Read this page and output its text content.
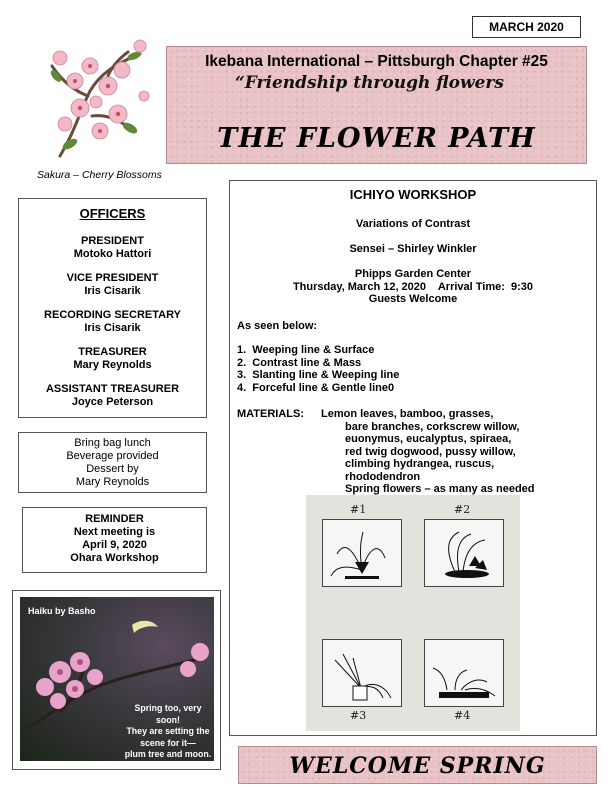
MARCH 2020
Sakura – Cherry Blossoms
Ikebana International – Pittsburgh Chapter #25
“Friendship through flowers
THE FLOWER PATH
OFFICERS
PRESIDENT
Motoko Hattori
VICE PRESIDENT
Iris Cisarik
RECORDING SECRETARY
Iris Cisarik
TREASURER
Mary Reynolds
ASSISTANT TREASURER
Joyce Peterson
Bring bag lunch
Beverage provided
Dessert by
Mary Reynolds
REMINDER
Next meeting is
April 9, 2020
Ohara Workshop
Haiku by Basho
Spring too, very
soon!
They are setting the
scene for it—
plum tree and moon.
ICHIYO WORKSHOP
Variations of Contrast
Sensei – Shirley Winkler
Phipps Garden Center
Thursday, March 12, 2020    Arrival Time:  9:30
Guests Welcome
As seen below:
1.  Weeping line & Surface
2.  Contrast line & Mass
3.  Slanting line & Weeping line
4.  Forceful line & Gentle line0
MATERIALS: Lemon leaves, bamboo, grasses,
bare branches, corkscrew willow,
euonymus, eucalyptus, spiraea,
red twig dogwood, pussy willow,
climbing hydrangea, ruscus,
rhododendron
Spring flowers – as many as needed
#1	#2
#3	#4
WELCOME SPRING
